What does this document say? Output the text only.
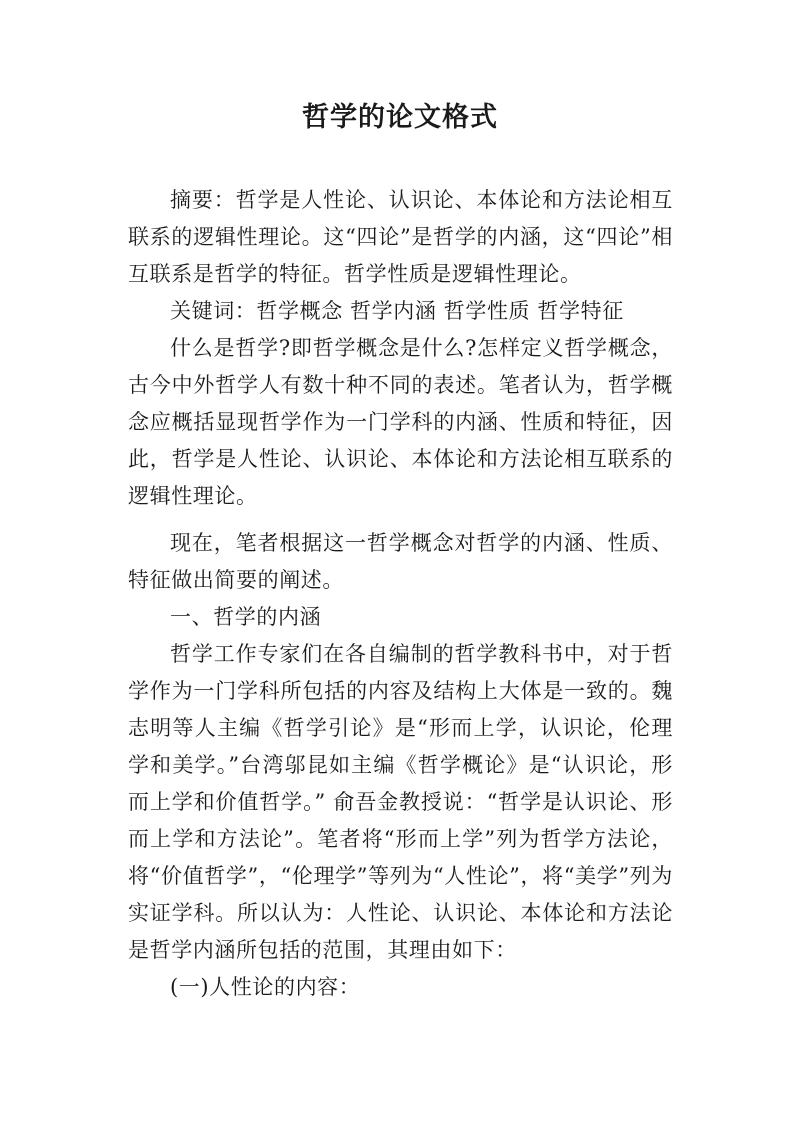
哲学的论文格式

摘要：哲学是人性论、认识论、本体论和方法论相互联系的逻辑性理论。这“四论”是哲学的内涵，这“四论”相互联系是哲学的特征。哲学性质是逻辑性理论。

关键词：哲学概念 哲学内涵 哲学性质 哲学特征

什么是哲学?即哲学概念是什么?怎样定义哲学概念，古今中外哲学人有数十种不同的表述。笔者认为，哲学概念应概括显现哲学作为一门学科的内涵、性质和特征，因此，哲学是人性论、认识论、本体论和方法论相互联系的逻辑性理论。

现在，笔者根据这一哲学概念对哲学的内涵、性质、特征做出简要的阐述。

一、哲学的内涵

哲学工作专家们在各自编制的哲学教科书中，对于哲学作为一门学科所包括的内容及结构上大体是一致的。魏志明等人主编《哲学引论》是“形而上学，认识论，伦理学和美学。”台湾邬昆如主编《哲学概论》是“认识论，形而上学和价值哲学。” 俞吾金教授说：“哲学是认识论、形而上学和方法论”。笔者将“形而上学”列为哲学方法论，将“价值哲学”，“伦理学”等列为“人性论”，将“美学”列为实证学科。所以认为：人性论、认识论、本体论和方法论是哲学内涵所包括的范围，其理由如下：

(一)人性论的内容：
